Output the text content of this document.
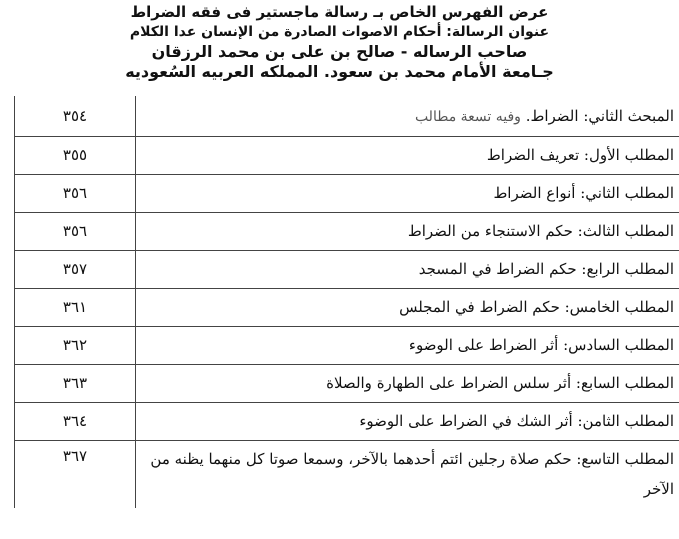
عرض الفهرس الخاص بـ رسالة ماجستير فى فقه الضراط
عنوان الرسالة: أحكام الاصوات الصادرة من الإنسان عدا الكلام
صاحب الرساله - صالح بن على بن محمد الرزقان
جـامعة الأمام محمد بن سعود. المملكه العربيه السُعوديه
المبحث الثاني: الضراط. وفيه تسعة مطالب	٣٥٤
المطلب الأول: تعريف الضراط	٣٥٥
المطلب الثاني: أنواع الضراط	٣٥٦
المطلب الثالث: حكم الاستنجاء من الضراط	٣٥٦
المطلب الرابع: حكم الضراط في المسجد	٣٥٧
المطلب الخامس: حكم الضراط في المجلس	٣٦١
المطلب السادس: أثر الضراط على الوضوء	٣٦٢
المطلب السابع: أثر سلس الضراط على الطهارة والصلاة	٣٦٣
المطلب الثامن: أثر الشك في الضراط على الوضوء	٣٦٤
المطلب التاسع: حكم صلاة رجلين ائتم أحدهما بالآخر، وسمعا صوتا كل منهما يظنه من الآخر	٣٦٧
